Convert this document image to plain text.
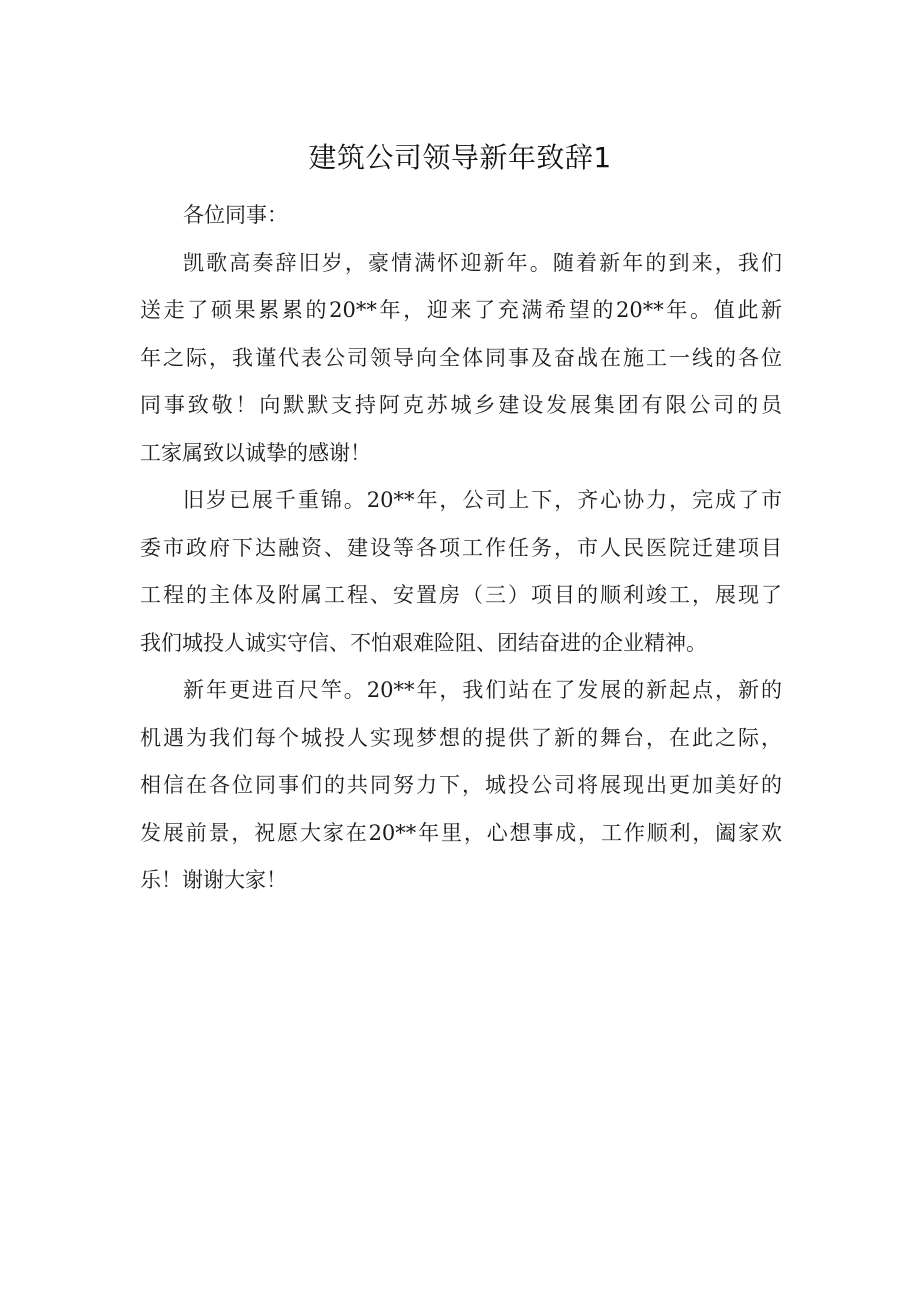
建筑公司领导新年致辞1

各位同事：

凯歌高奏辞旧岁，豪情满怀迎新年。随着新年的到来，我们
送走了硕果累累的20**年，迎来了充满希望的20**年。值此新
年之际，我谨代表公司领导向全体同事及奋战在施工一线的各位
同事致敬！向默默支持阿克苏城乡建设发展集团有限公司的员
工家属致以诚挚的感谢！

旧岁已展千重锦。20**年，公司上下，齐心协力，完成了市
委市政府下达融资、建设等各项工作任务，市人民医院迁建项目
工程的主体及附属工程、安置房（三）项目的顺利竣工，展现了
我们城投人诚实守信、不怕艰难险阻、团结奋进的企业精神。

新年更进百尺竿。20**年，我们站在了发展的新起点，新的
机遇为我们每个城投人实现梦想的提供了新的舞台，在此之际，
相信在各位同事们的共同努力下，城投公司将展现出更加美好的
发展前景，祝愿大家在20**年里，心想事成，工作顺利，阖家欢
乐！谢谢大家！
